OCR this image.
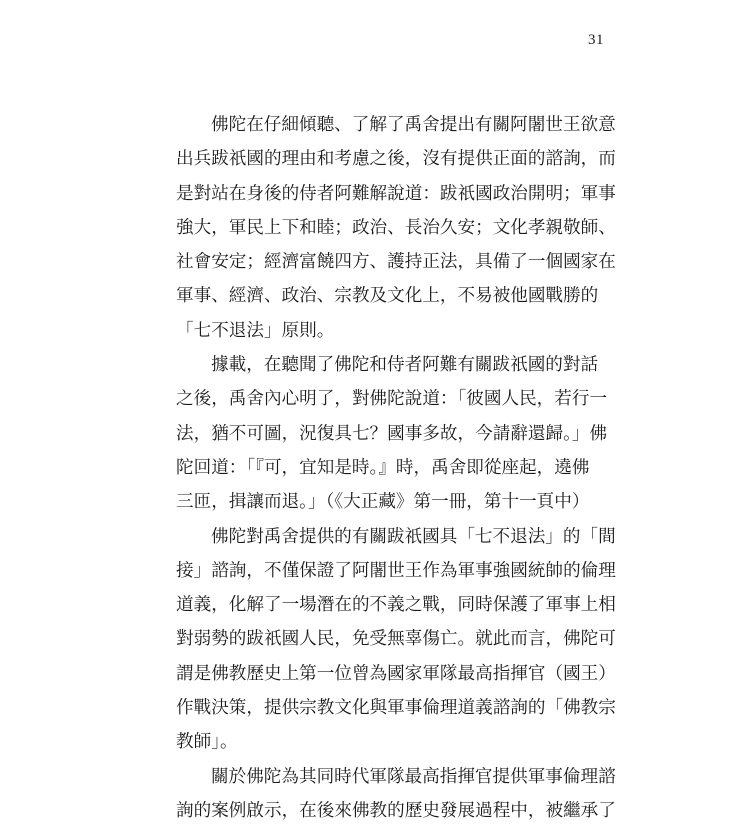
31
佛陀在仔細傾聽、了解了禹舍提出有關阿闍世王欲意
出兵跋祇國的理由和考慮之後，沒有提供正面的諮詢，而
是對站在身後的侍者阿難解說道：跋祇國政治開明；軍事
強大，軍民上下和睦；政治、長治久安；文化孝親敬師、
社會安定；經濟富饒四方、護持正法，具備了一個國家在
軍事、經濟、政治、宗教及文化上，不易被他國戰勝的
「七不退法」原則。
據載，在聽聞了佛陀和侍者阿難有關跋祇國的對話
之後，禹舍內心明了，對佛陀說道：「彼國人民，若行一
法，猶不可圖，況復具七？國事多故，今請辭還歸。」佛
陀回道：「『可，宜知是時。』時，禹舍即從座起，遶佛
三匝，揖讓而退。」（《大正藏》第一冊，第十一頁中）
佛陀對禹舍提供的有關跋祇國具「七不退法」的「間
接」諮詢，不僅保證了阿闍世王作為軍事強國統帥的倫理
道義，化解了一場潛在的不義之戰，同時保護了軍事上相
對弱勢的跋祇國人民，免受無辜傷亡。就此而言，佛陀可
謂是佛教歷史上第一位曾為國家軍隊最高指揮官（國王）
作戰決策，提供宗教文化與軍事倫理道義諮詢的「佛教宗
教師」。
關於佛陀為其同時代軍隊最高指揮官提供軍事倫理諮
詢的案例啟示，在後來佛教的歷史發展過程中，被繼承了
